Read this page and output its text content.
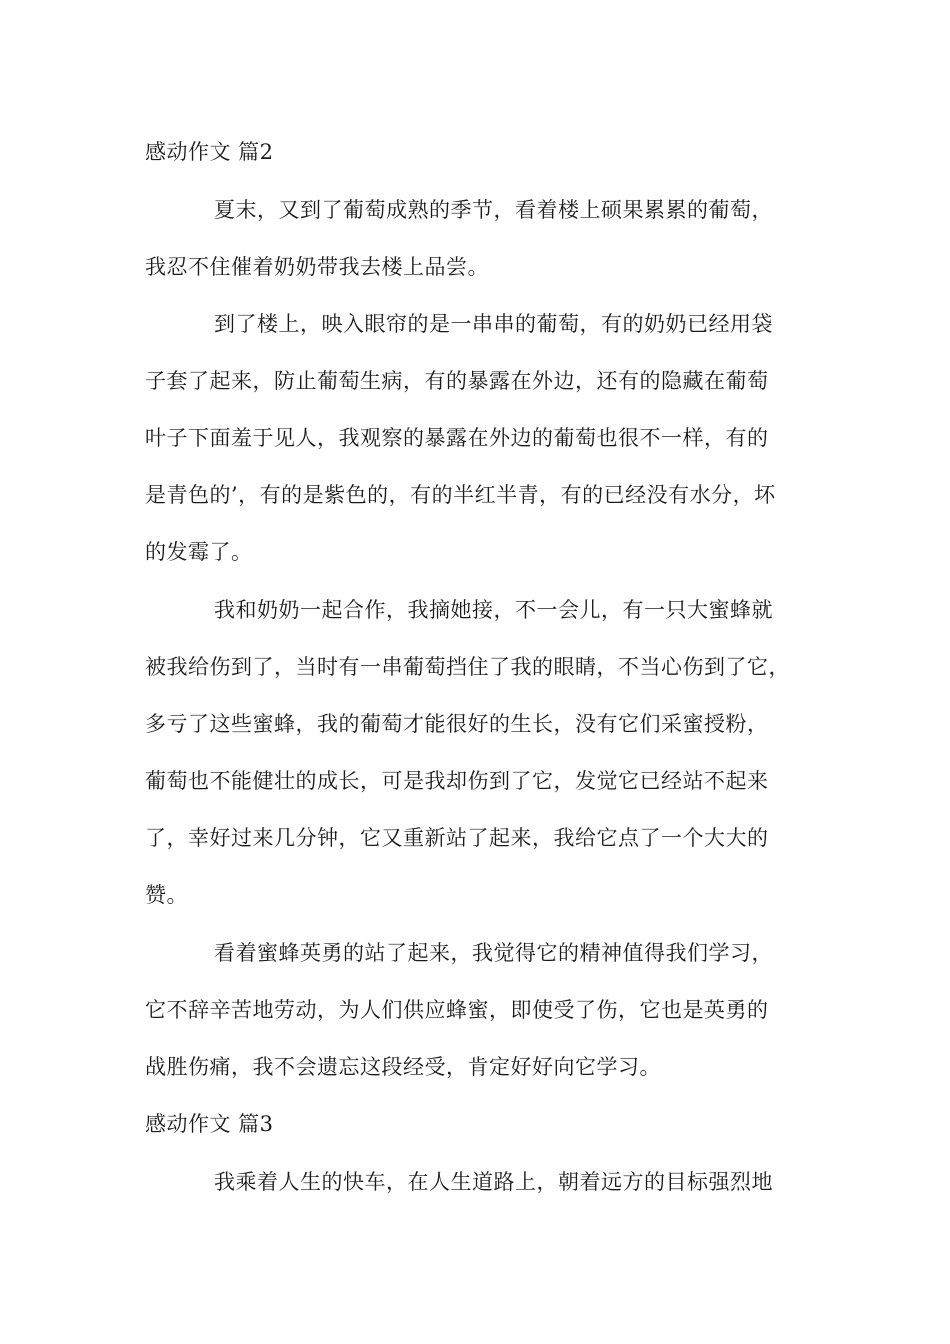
感动作文 篇2
夏末，又到了葡萄成熟的季节，看着楼上硕果累累的葡萄，
我忍不住催着奶奶带我去楼上品尝。
到了楼上，映入眼帘的是一串串的葡萄，有的奶奶已经用袋
子套了起来，防止葡萄生病，有的暴露在外边，还有的隐藏在葡萄
叶子下面羞于见人，我观察的暴露在外边的葡萄也很不一样，有的
是青色的’，有的是紫色的，有的半红半青，有的已经没有水分，坏
的发霉了。
我和奶奶一起合作，我摘她接，不一会儿，有一只大蜜蜂就
被我给伤到了，当时有一串葡萄挡住了我的眼睛，不当心伤到了它，
多亏了这些蜜蜂，我的葡萄才能很好的生长，没有它们采蜜授粉，
葡萄也不能健壮的成长，可是我却伤到了它，发觉它已经站不起来
了，幸好过来几分钟，它又重新站了起来，我给它点了一个大大的
赞。
看着蜜蜂英勇的站了起来，我觉得它的精神值得我们学习，
它不辞辛苦地劳动，为人们供应蜂蜜，即使受了伤，它也是英勇的
战胜伤痛，我不会遗忘这段经受，肯定好好向它学习。
感动作文 篇3
我乘着人生的快车，在人生道路上，朝着远方的目标强烈地
